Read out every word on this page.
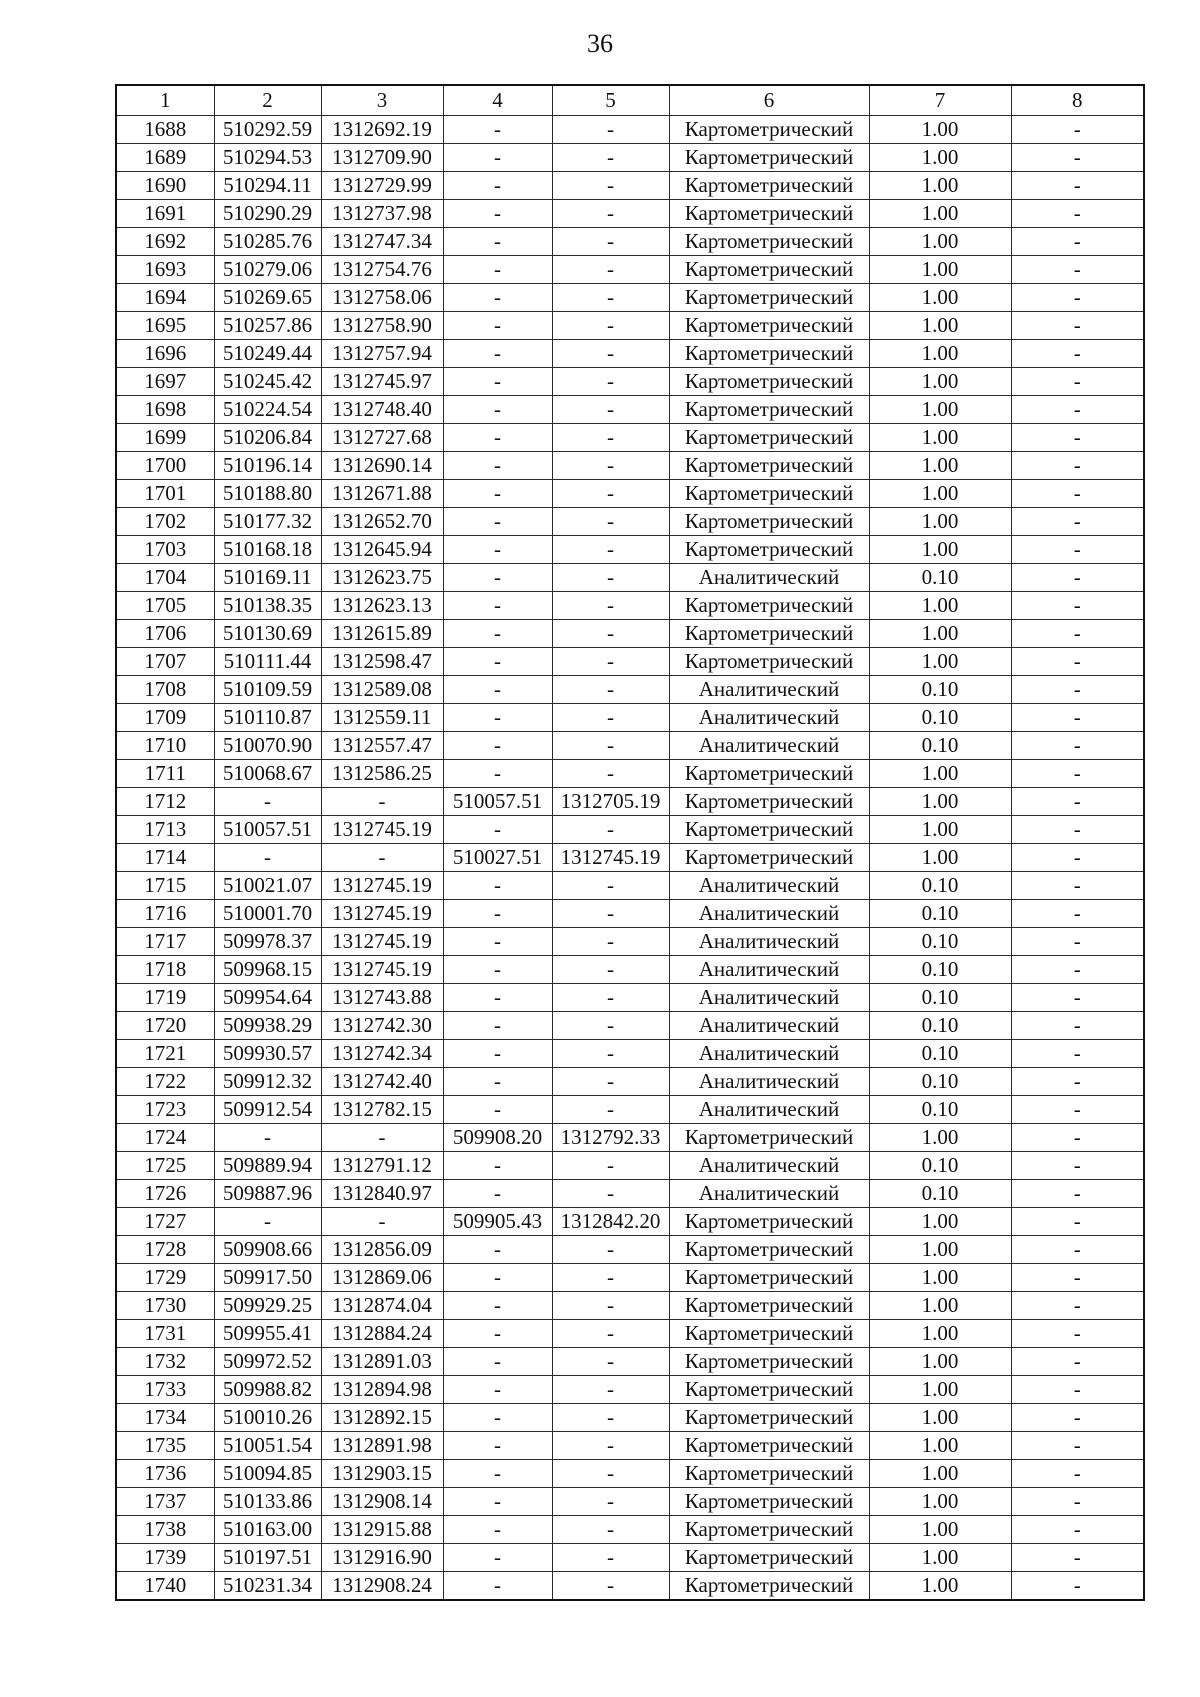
36
1	2	3	4	5	6	7	8
1688	510292.59	1312692.19	-	-	Картометрический	1.00	-
1689	510294.53	1312709.90	-	-	Картометрический	1.00	-
1690	510294.11	1312729.99	-	-	Картометрический	1.00	-
1691	510290.29	1312737.98	-	-	Картометрический	1.00	-
1692	510285.76	1312747.34	-	-	Картометрический	1.00	-
1693	510279.06	1312754.76	-	-	Картометрический	1.00	-
1694	510269.65	1312758.06	-	-	Картометрический	1.00	-
1695	510257.86	1312758.90	-	-	Картометрический	1.00	-
1696	510249.44	1312757.94	-	-	Картометрический	1.00	-
1697	510245.42	1312745.97	-	-	Картометрический	1.00	-
1698	510224.54	1312748.40	-	-	Картометрический	1.00	-
1699	510206.84	1312727.68	-	-	Картометрический	1.00	-
1700	510196.14	1312690.14	-	-	Картометрический	1.00	-
1701	510188.80	1312671.88	-	-	Картометрический	1.00	-
1702	510177.32	1312652.70	-	-	Картометрический	1.00	-
1703	510168.18	1312645.94	-	-	Картометрический	1.00	-
1704	510169.11	1312623.75	-	-	Аналитический	0.10	-
1705	510138.35	1312623.13	-	-	Картометрический	1.00	-
1706	510130.69	1312615.89	-	-	Картометрический	1.00	-
1707	510111.44	1312598.47	-	-	Картометрический	1.00	-
1708	510109.59	1312589.08	-	-	Аналитический	0.10	-
1709	510110.87	1312559.11	-	-	Аналитический	0.10	-
1710	510070.90	1312557.47	-	-	Аналитический	0.10	-
1711	510068.67	1312586.25	-	-	Картометрический	1.00	-
1712	-	-	510057.51	1312705.19	Картометрический	1.00	-
1713	510057.51	1312745.19	-	-	Картометрический	1.00	-
1714	-	-	510027.51	1312745.19	Картометрический	1.00	-
1715	510021.07	1312745.19	-	-	Аналитический	0.10	-
1716	510001.70	1312745.19	-	-	Аналитический	0.10	-
1717	509978.37	1312745.19	-	-	Аналитический	0.10	-
1718	509968.15	1312745.19	-	-	Аналитический	0.10	-
1719	509954.64	1312743.88	-	-	Аналитический	0.10	-
1720	509938.29	1312742.30	-	-	Аналитический	0.10	-
1721	509930.57	1312742.34	-	-	Аналитический	0.10	-
1722	509912.32	1312742.40	-	-	Аналитический	0.10	-
1723	509912.54	1312782.15	-	-	Аналитический	0.10	-
1724	-	-	509908.20	1312792.33	Картометрический	1.00	-
1725	509889.94	1312791.12	-	-	Аналитический	0.10	-
1726	509887.96	1312840.97	-	-	Аналитический	0.10	-
1727	-	-	509905.43	1312842.20	Картометрический	1.00	-
1728	509908.66	1312856.09	-	-	Картометрический	1.00	-
1729	509917.50	1312869.06	-	-	Картометрический	1.00	-
1730	509929.25	1312874.04	-	-	Картометрический	1.00	-
1731	509955.41	1312884.24	-	-	Картометрический	1.00	-
1732	509972.52	1312891.03	-	-	Картометрический	1.00	-
1733	509988.82	1312894.98	-	-	Картометрический	1.00	-
1734	510010.26	1312892.15	-	-	Картометрический	1.00	-
1735	510051.54	1312891.98	-	-	Картометрический	1.00	-
1736	510094.85	1312903.15	-	-	Картометрический	1.00	-
1737	510133.86	1312908.14	-	-	Картометрический	1.00	-
1738	510163.00	1312915.88	-	-	Картометрический	1.00	-
1739	510197.51	1312916.90	-	-	Картометрический	1.00	-
1740	510231.34	1312908.24	-	-	Картометрический	1.00	-
